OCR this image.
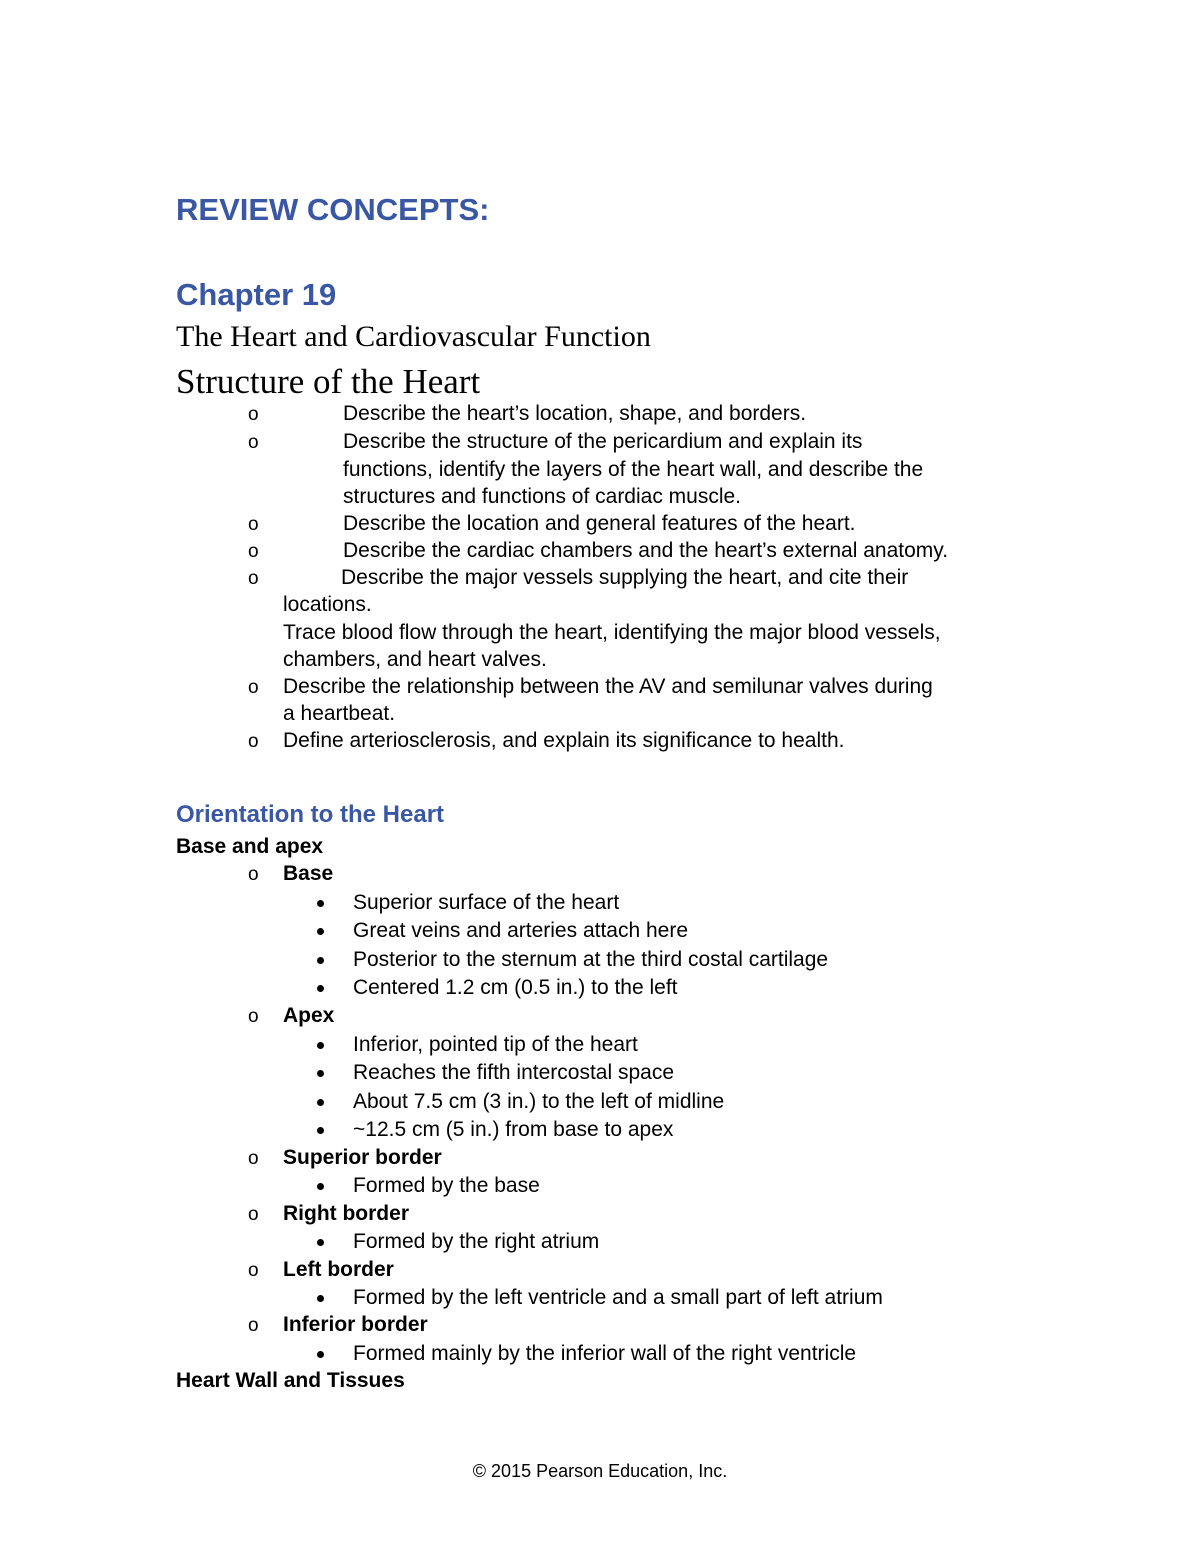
REVIEW CONCEPTS:
Chapter 19
The Heart and Cardiovascular Function
Structure of the Heart
o	Describe the heart’s location, shape, and borders.
o	Describe the structure of the pericardium and explain its
functions, identify the layers of the heart wall, and describe the
structures and functions of cardiac muscle.
o	Describe the location and general features of the heart.
o	Describe the cardiac chambers and the heart’s external anatomy.
o	Describe the major vessels supplying the heart, and cite their
locations.
Trace blood flow through the heart, identifying the major blood vessels,
chambers, and heart valves.
o Describe the relationship between the AV and semilunar valves during
a heartbeat.
o Define arteriosclerosis, and explain its significance to health.
Orientation to the Heart
Base and apex
o Base
Superior surface of the heart
Great veins and arteries attach here
Posterior to the sternum at the third costal cartilage
Centered 1.2 cm (0.5 in.) to the left
o Apex
Inferior, pointed tip of the heart
Reaches the fifth intercostal space
About 7.5 cm (3 in.) to the left of midline
~12.5 cm (5 in.) from base to apex
o Superior border
Formed by the base
o Right border
Formed by the right atrium
o Left border
Formed by the left ventricle and a small part of left atrium
o Inferior border
Formed mainly by the inferior wall of the right ventricle
Heart Wall and Tissues
© 2015 Pearson Education, Inc.
